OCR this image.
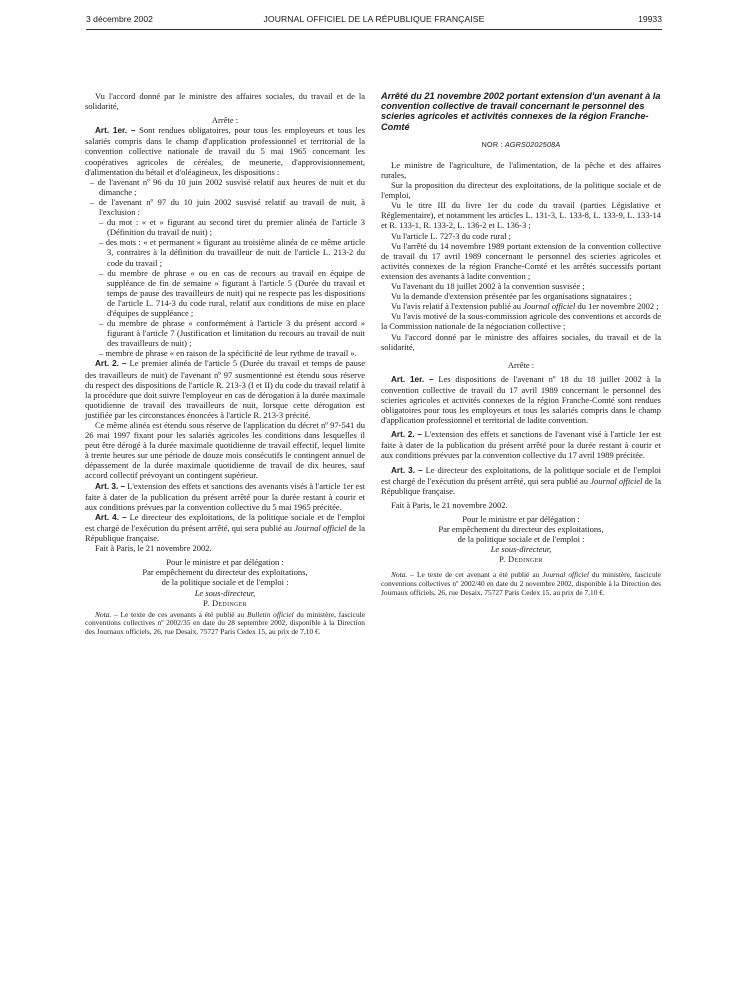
3 décembre 2002	JOURNAL OFFICIEL DE LA RÉPUBLIQUE FRANÇAISE	19933

Vu l'accord donné par le ministre des affaires sociales, du travail et de la solidarité,

Arrête :

Art. 1er. – Sont rendues obligatoires, pour tous les employeurs et tous les salariés compris dans le champ d'application professionnel et territorial de la convention collective nationale de travail du 5 mai 1965 concernant les coopératives agricoles de céréales, de meunerie, d'approvisionnement, d'alimentation du bétail et d'oléagineux, les dispositions :

– de l'avenant nº 96 du 10 juin 2002 susvisé relatif aux heures de nuit et du dimanche ;

– de l'avenant nº 97 du 10 juin 2002 susvisé relatif au travail de nuit, à l'exclusion :

– du mot : « et » figurant au second tiret du premier alinéa de l'article 3 (Définition du travail de nuit) ;

– des mots : « et permanent » figurant au troisième alinéa de ce même article 3, contraires à la définition du travailleur de nuit de l'article L. 213-2 du code du travail ;

– du membre de phrase « ou en cas de recours au travail en équipe de suppléance de fin de semaine » figurant à l'article 5 (Durée du travail et temps de pause des travailleurs de nuit) qui ne respecte pas les dispositions de l'article L. 714-3 du code rural, relatif aux conditions de mise en place d'équipes de suppléance ;

– du membre de phrase « conformément à l'article 3 du présent accord » figurant à l'article 7 (Justification et limitation du recours au travail de nuit des travailleurs de nuit) ;

– membre de phrase « en raison de la spécificité de leur rythme de travail ».

Art. 2. – Le premier alinéa de l'article 5 (Durée du travail et temps de pause des travailleurs de nuit) de l'avenant nº 97 susmentionné est étendu sous réserve du respect des dispositions de l'article R. 213-3 (I et II) du code du travail relatif à la procédure que doit suivre l'employeur en cas de dérogation à la durée maximale quotidienne de travail des travailleurs de nuit, lorsque cette dérogation est justifiée par les circonstances énoncées à l'article R. 213-3 précité.

Ce même alinéa est étendu sous réserve de l'application du décret nº 97-541 du 26 mai 1997 fixant pour les salariés agricoles les conditions dans lesquelles il peut être dérogé à la durée maximale quotidienne de travail effectif, lequel limite à trente heures sur une période de douze mois consécutifs le contingent annuel de dépassement de la durée maximale quotidienne de travail de dix heures, sauf accord collectif prévoyant un contingent supérieur.

Art. 3. – L'extension des effets et sanctions des avenants visés à l'article 1er est faite à dater de la publication du présent arrêté pour la durée restant à courir et aux conditions prévues par la convention collective du 5 mai 1965 précitée.

Art. 4. – Le directeur des exploitations, de la politique sociale et de l'emploi est chargé de l'exécution du présent arrêté, qui sera publié au Journal officiel de la République française.

Fait à Paris, le 21 novembre 2002.

Pour le ministre et par délégation :

Par empêchement du directeur des exploitations,

de la politique sociale et de l'emploi :

Le sous-directeur,

P. Dedinger

Nota. – Le texte de ces avenants a été publié au Bulletin officiel du ministère, fascicule conventions collectives nº 2002/35 en date du 28 septembre 2002, disponible à la Direction des Journaux officiels, 26, rue Desaix, 75727 Paris Cedex 15, au prix de 7,10 €.

Arrêté du 21 novembre 2002 portant extension d'un avenant à la convention collective de travail concernant le personnel des scieries agricoles et activités connexes de la région Franche-Comté

NOR : AGRS0202508A

Le ministre de l'agriculture, de l'alimentation, de la pêche et des affaires rurales,

Sur la proposition du directeur des exploitations, de la politique sociale et de l'emploi,

Vu le titre III du livre 1er du code du travail (parties Législative et Réglementaire), et notamment les articles L. 131-3, L. 133-8, L. 133-9, L. 133-14 et R. 133-1, R. 133-2, L. 136-2 et L. 136-3 ;

Vu l'article L. 727-3 du code rural ;

Vu l'arrêté du 14 novembre 1989 portant extension de la convention collective de travail du 17 avril 1989 concernant le personnel des scieries agricoles et activités connexes de la région Franche-Comté et les arrêtés successifs portant extension des avenants à ladite convention ;

Vu l'avenant du 18 juillet 2002 à la convention susvisée ;

Vu la demande d'extension présentée par les organisations signataires ;

Vu l'avis relatif à l'extension publié au Journal officiel du 1er novembre 2002 ;

Vu l'avis motivé de la sous-commission agricole des conventions et accords de la Commission nationale de la négociation collective ;

Vu l'accord donné par le ministre des affaires sociales, du travail et de la solidarité,

Arrête :

Art. 1er. – Les dispositions de l'avenant nº 18 du 18 juillet 2002 à la convention collective de travail du 17 avril 1989 concernant le personnel des scieries agricoles et activités connexes de la région Franche-Comté sont rendues obligatoires pour tous les employeurs et tous les salariés compris dans le champ d'application professionnel et territorial de ladite convention.

Art. 2. – L'extension des effets et sanctions de l'avenant visé à l'article 1er est faite à dater de la publication du présent arrêté pour la durée restant à courir et aux conditions prévues par la convention collective du 17 avril 1989 précitée.

Art. 3. – Le directeur des exploitations, de la politique sociale et de l'emploi est chargé de l'exécution du présent arrêté, qui sera publié au Journal officiel de la République française.

Fait à Paris, le 21 novembre 2002.

Pour le ministre et par délégation :

Par empêchement du directeur des exploitations,

de la politique sociale et de l'emploi :

Le sous-directeur,

P. Dedinger

Nota. – Le texte de cet avenant a été publié au Journal officiel du ministère, fascicule conventions collectives nº 2002/40 en date du 2 novembre 2002, disponible à la Direction des Journaux officiels, 26, rue Desaix, 75727 Paris Cedex 15, au prix de 7,10 €.
